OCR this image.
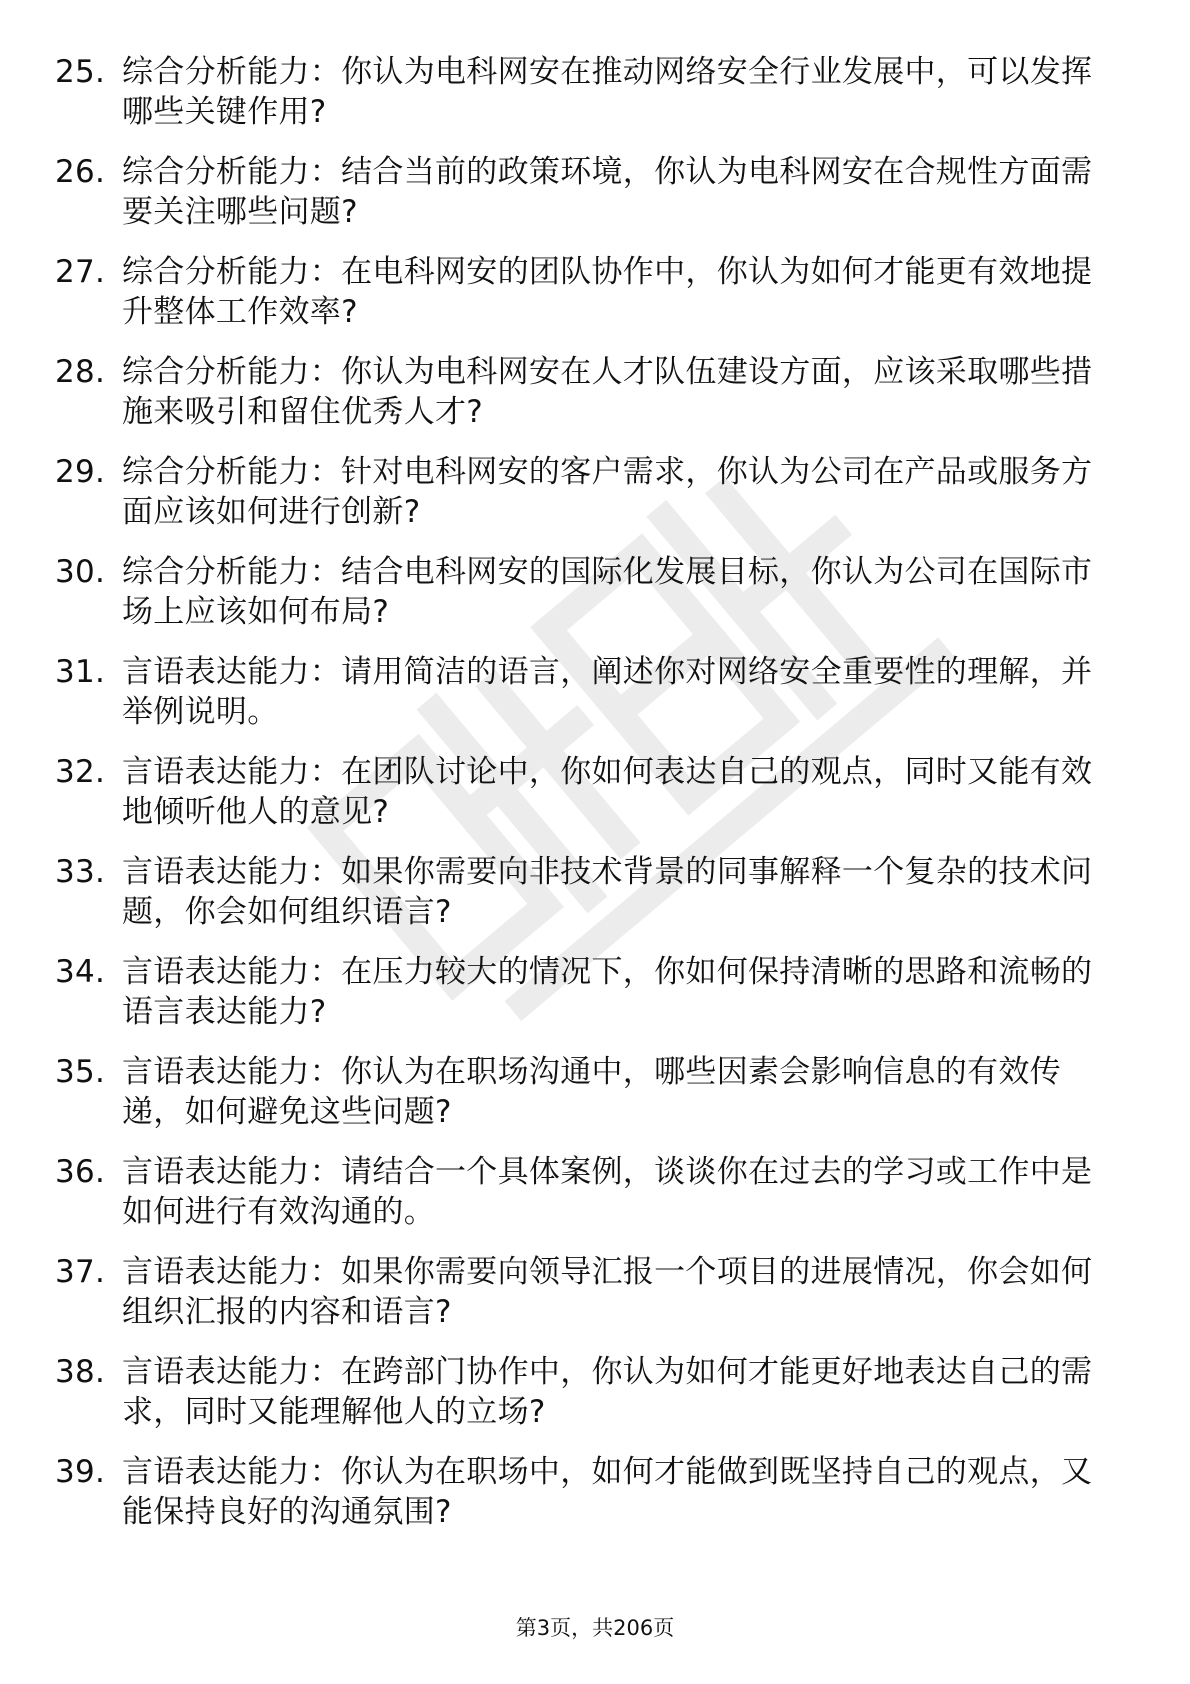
25. 综合分析能力：你认为电科网安在推动网络安全行业发展中，可以发挥哪些关键作用?
26. 综合分析能力：结合当前的政策环境，你认为电科网安在合规性方面需要关注哪些问题?
27. 综合分析能力：在电科网安的团队协作中，你认为如何才能更有效地提升整体工作效率?
28. 综合分析能力：你认为电科网安在人才队伍建设方面，应该采取哪些措施来吸引和留住优秀人才?
29. 综合分析能力：针对电科网安的客户需求，你认为公司在产品或服务方面应该如何进行创新?
30. 综合分析能力：结合电科网安的国际化发展目标，你认为公司在国际市场上应该如何布局?
31. 言语表达能力：请用简洁的语言，阐述你对网络安全重要性的理解，并举例说明。
32. 言语表达能力：在团队讨论中，你如何表达自己的观点，同时又能有效地倾听他人的意见?
33. 言语表达能力：如果你需要向非技术背景的同事解释一个复杂的技术问题，你会如何组织语言?
34. 言语表达能力：在压力较大的情况下，你如何保持清晰的思路和流畅的语言表达能力?
35. 言语表达能力：你认为在职场沟通中，哪些因素会影响信息的有效传递，如何避免这些问题?
36. 言语表达能力：请结合一个具体案例，谈谈你在过去的学习或工作中是如何进行有效沟通的。
37. 言语表达能力：如果你需要向领导汇报一个项目的进展情况，你会如何组织汇报的内容和语言?
38. 言语表达能力：在跨部门协作中，你认为如何才能更好地表达自己的需求，同时又能理解他人的立场?
39. 言语表达能力：你认为在职场中，如何才能做到既坚持自己的观点，又能保持良好的沟通氛围?
第3页，共206页
